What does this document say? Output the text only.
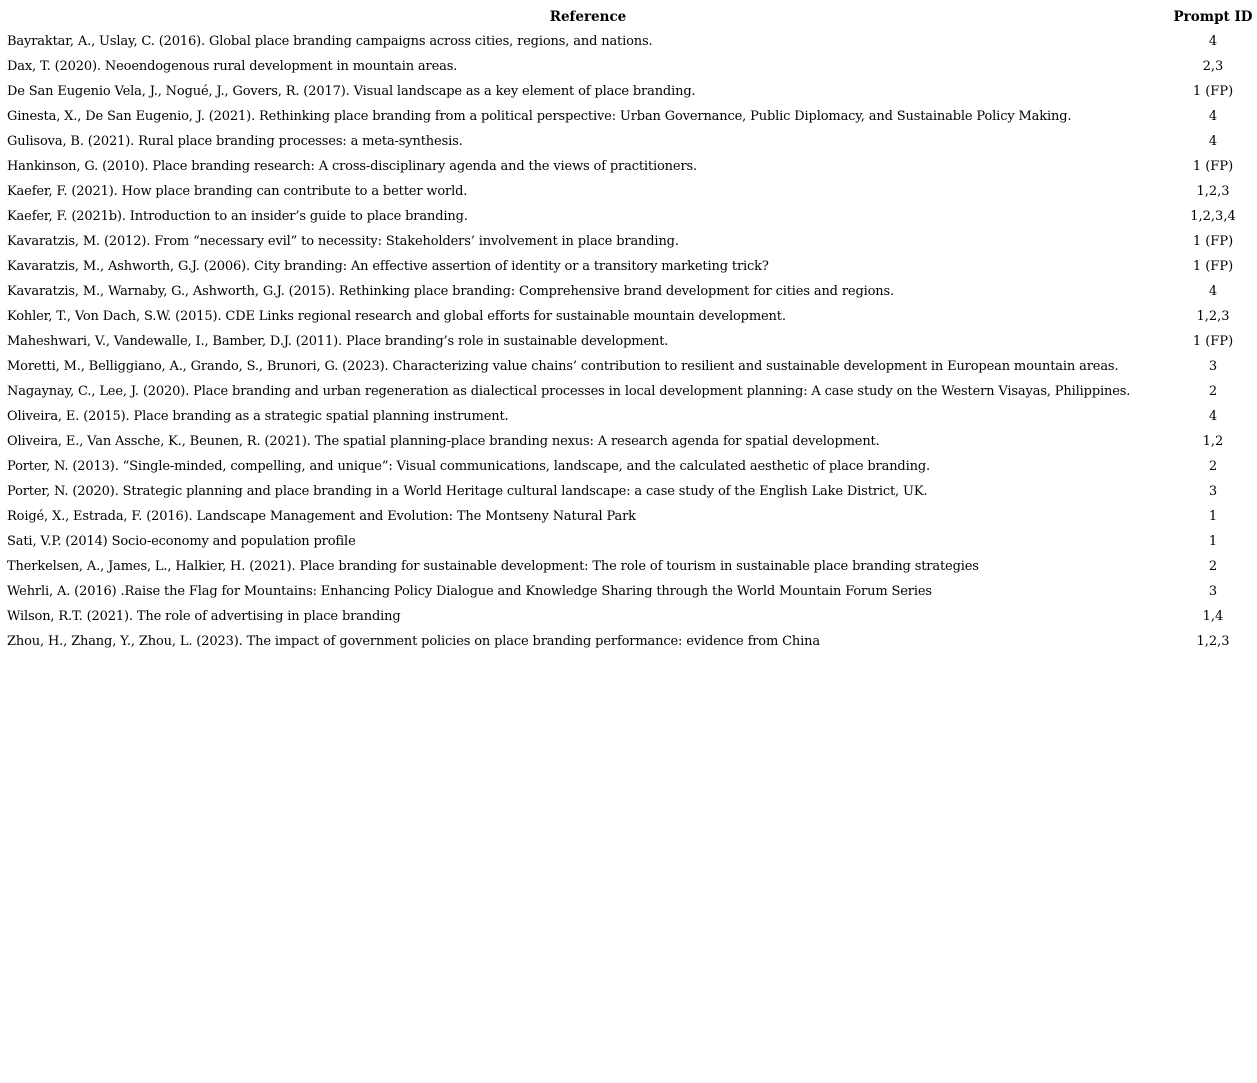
Reference	Prompt ID
Bayraktar, A., Uslay, C. (2016). Global place branding campaigns across cities, regions, and nations.	4
Dax, T. (2020). Neoendogenous rural development in mountain areas.	2,3
De San Eugenio Vela, J., Nogué, J., Govers, R. (2017). Visual landscape as a key element of place branding.	1 (FP)
Ginesta, X., De San Eugenio, J. (2021). Rethinking place branding from a political perspective: Urban Governance, Public Diplomacy, and Sustainable Policy Making.	4
Gulisova, B. (2021). Rural place branding processes: a meta-synthesis.	4
Hankinson, G. (2010). Place branding research: A cross-disciplinary agenda and the views of practitioners.	1 (FP)
Kaefer, F. (2021). How place branding can contribute to a better world.	1,2,3
Kaefer, F. (2021b). Introduction to an insider’s guide to place branding.	1,2,3,4
Kavaratzis, M. (2012). From “necessary evil” to necessity: Stakeholders’ involvement in place branding.	1 (FP)
Kavaratzis, M., Ashworth, G.J. (2006). City branding: An effective assertion of identity or a transitory marketing trick?	1 (FP)
Kavaratzis, M., Warnaby, G., Ashworth, G.J. (2015). Rethinking place branding: Comprehensive brand development for cities and regions.	4
Kohler, T., Von Dach, S.W. (2015). CDE Links regional research and global efforts for sustainable mountain development.	1,2,3
Maheshwari, V., Vandewalle, I., Bamber, D.J. (2011). Place branding’s role in sustainable development.	1 (FP)
Moretti, M., Belliggiano, A., Grando, S., Brunori, G. (2023). Characterizing value chains’ contribution to resilient and sustainable development in European mountain areas.	3
Nagaynay, C., Lee, J. (2020). Place branding and urban regeneration as dialectical processes in local development planning: A case study on the Western Visayas, Philippines.	2
Oliveira, E. (2015). Place branding as a strategic spatial planning instrument.	4
Oliveira, E., Van Assche, K., Beunen, R. (2021). The spatial planning-place branding nexus: A research agenda for spatial development.	1,2
Porter, N. (2013). “Single-minded, compelling, and unique”: Visual communications, landscape, and the calculated aesthetic of place branding.	2
Porter, N. (2020). Strategic planning and place branding in a World Heritage cultural landscape: a case study of the English Lake District, UK.	3
Roigé, X., Estrada, F. (2016). Landscape Management and Evolution: The Montseny Natural Park	1
Sati, V.P. (2014) Socio-economy and population profile	1
Therkelsen, A., James, L., Halkier, H. (2021). Place branding for sustainable development: The role of tourism in sustainable place branding strategies	2
Wehrli, A. (2016) .Raise the Flag for Mountains: Enhancing Policy Dialogue and Knowledge Sharing through the World Mountain Forum Series	3
Wilson, R.T. (2021). The role of advertising in place branding	1,4
Zhou, H., Zhang, Y., Zhou, L. (2023). The impact of government policies on place branding performance: evidence from China	1,2,3
